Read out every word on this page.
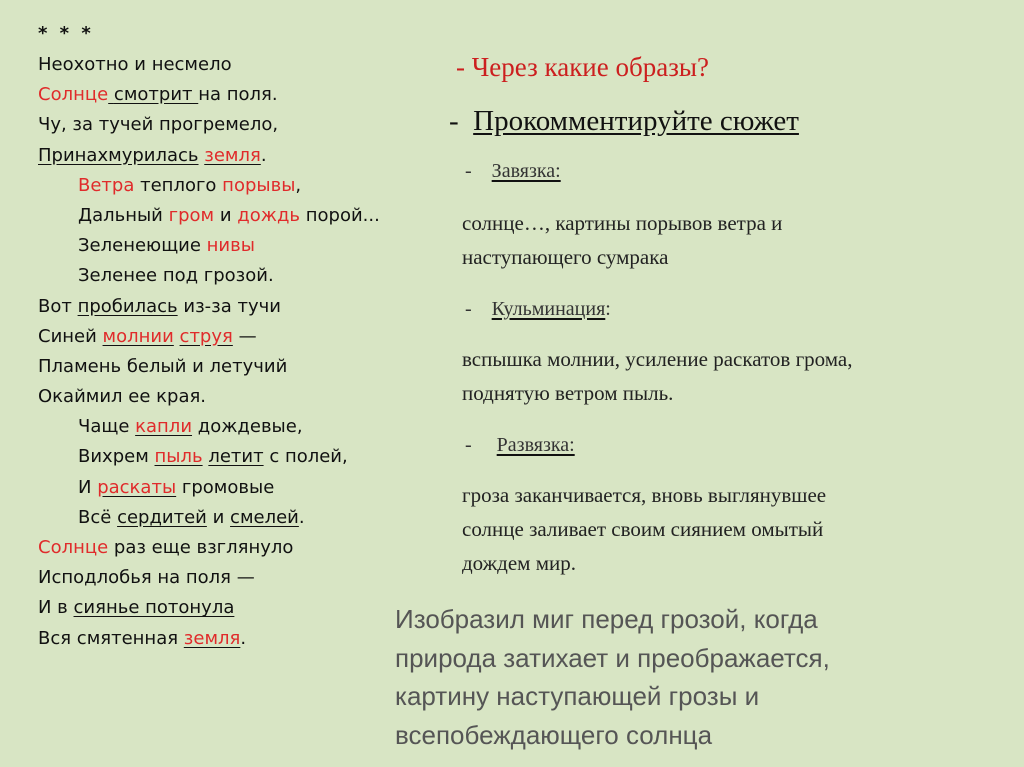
* * *
Неохотно и несмело
Солнце смотрит на поля.
Чу, за тучей прогремело,
Принахмурилась земля.
Ветра теплого порывы,
Дальный гром и дождь порой...
Зеленеющие нивы
Зеленее под грозой.
Вот пробилась из-за тучи
Синей молнии струя —
Пламень белый и летучий
Окаймил ее края.
Чаще капли дождевые,
Вихрем пыль летит с полей,
И раскаты громовые
Всё сердитей и смелей.
Солнце раз еще взглянуло
Исподлобья на поля —
И в сиянье потонула
Вся смятенная земля.
- Через какие образы?
- Прокомментируйте сюжет
- Завязка:
солнце…, картины порывов ветра и
наступающего сумрака
- Кульминация:
вспышка молнии, усиление раскатов грома,
поднятую ветром пыль.
- Развязка:
гроза заканчивается, вновь выглянувшее
солнце заливает своим сиянием омытый
дождем мир.
Изобразил миг перед грозой, когда
природа затихает и преображается,
картину наступающей грозы и
всепобеждающего солнца
